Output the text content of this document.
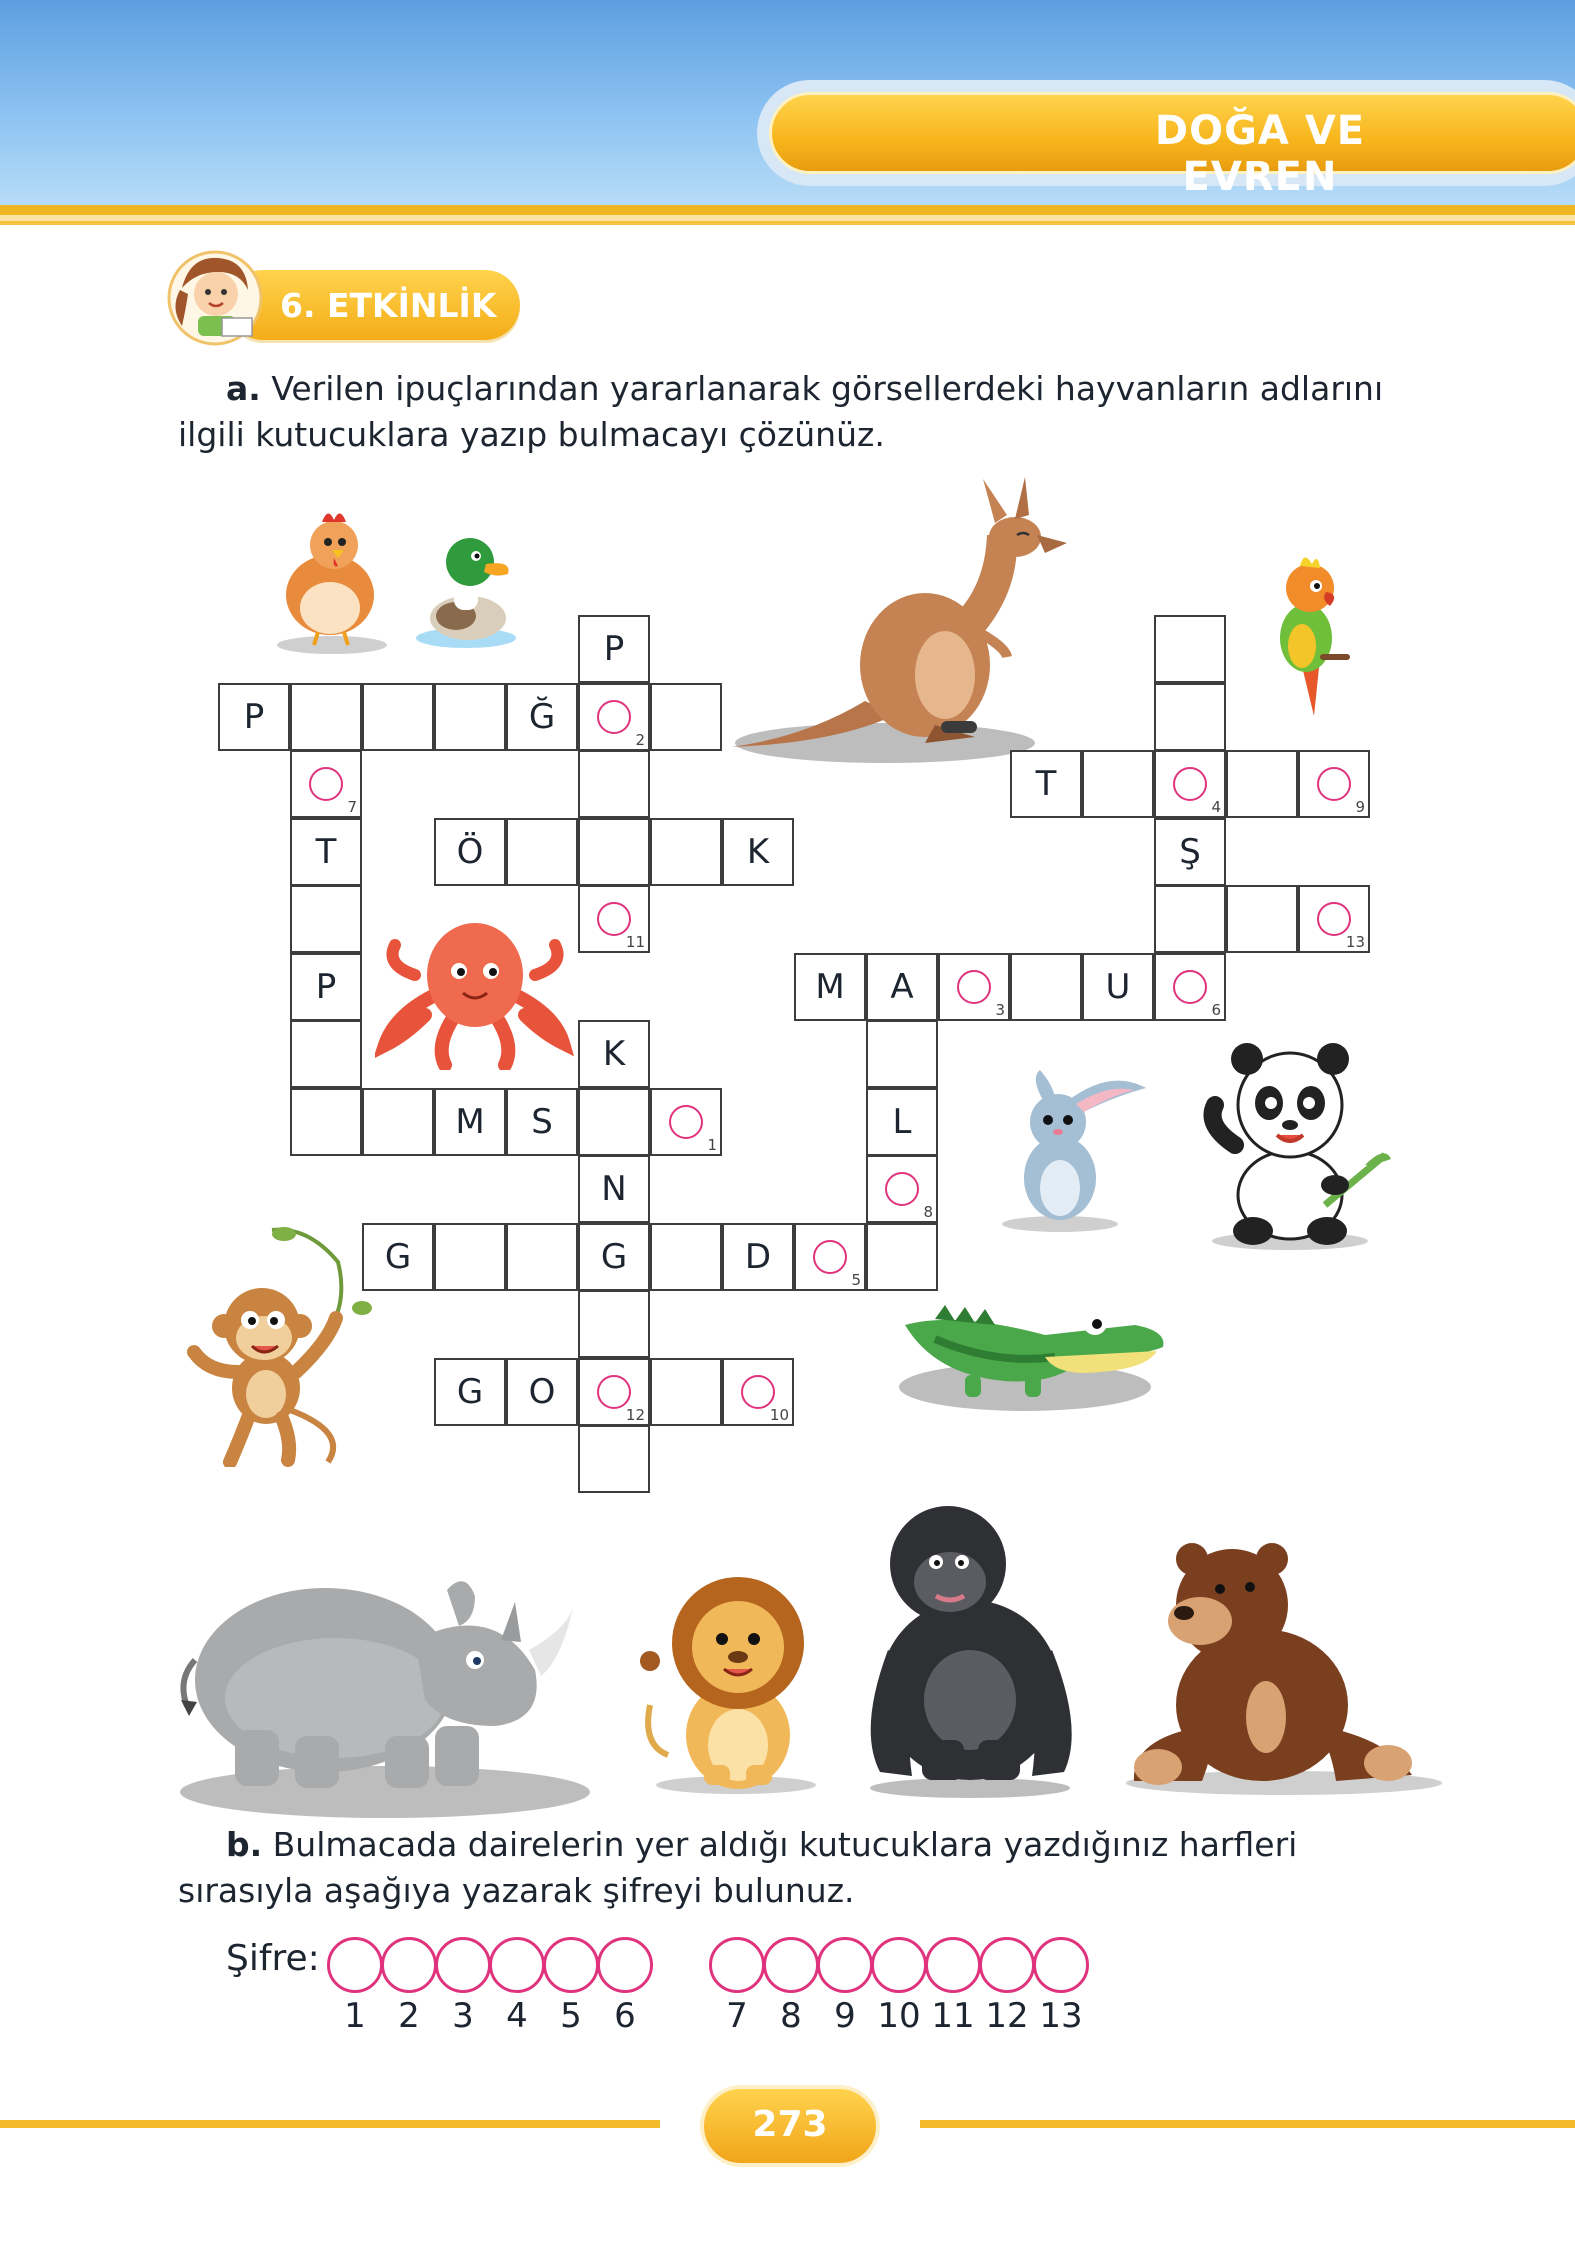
DOĞA VE EVREN
6. ETKİNLİK
a. Verilen ipuçlarından yararlanarak görsellerdeki hayvanların adlarını ilgili kutucuklara yazıp bulmacayı çözünüz.
P
P	Ğ
2
7
T	Ö	K
11
P	M A
3
U
6
K
M S
1
L
N
8
G	G	D
5
G O
12	10
T
4	9
Ş
13
b. Bulmacada dairelerin yer aldığı kutucuklara yazdığınız harfleri sırasıyla aşağıya yazarak şifreyi bulunuz.
Şifre:
1 2 3 4 5 6	7 8 9 10 11 12 13
273
